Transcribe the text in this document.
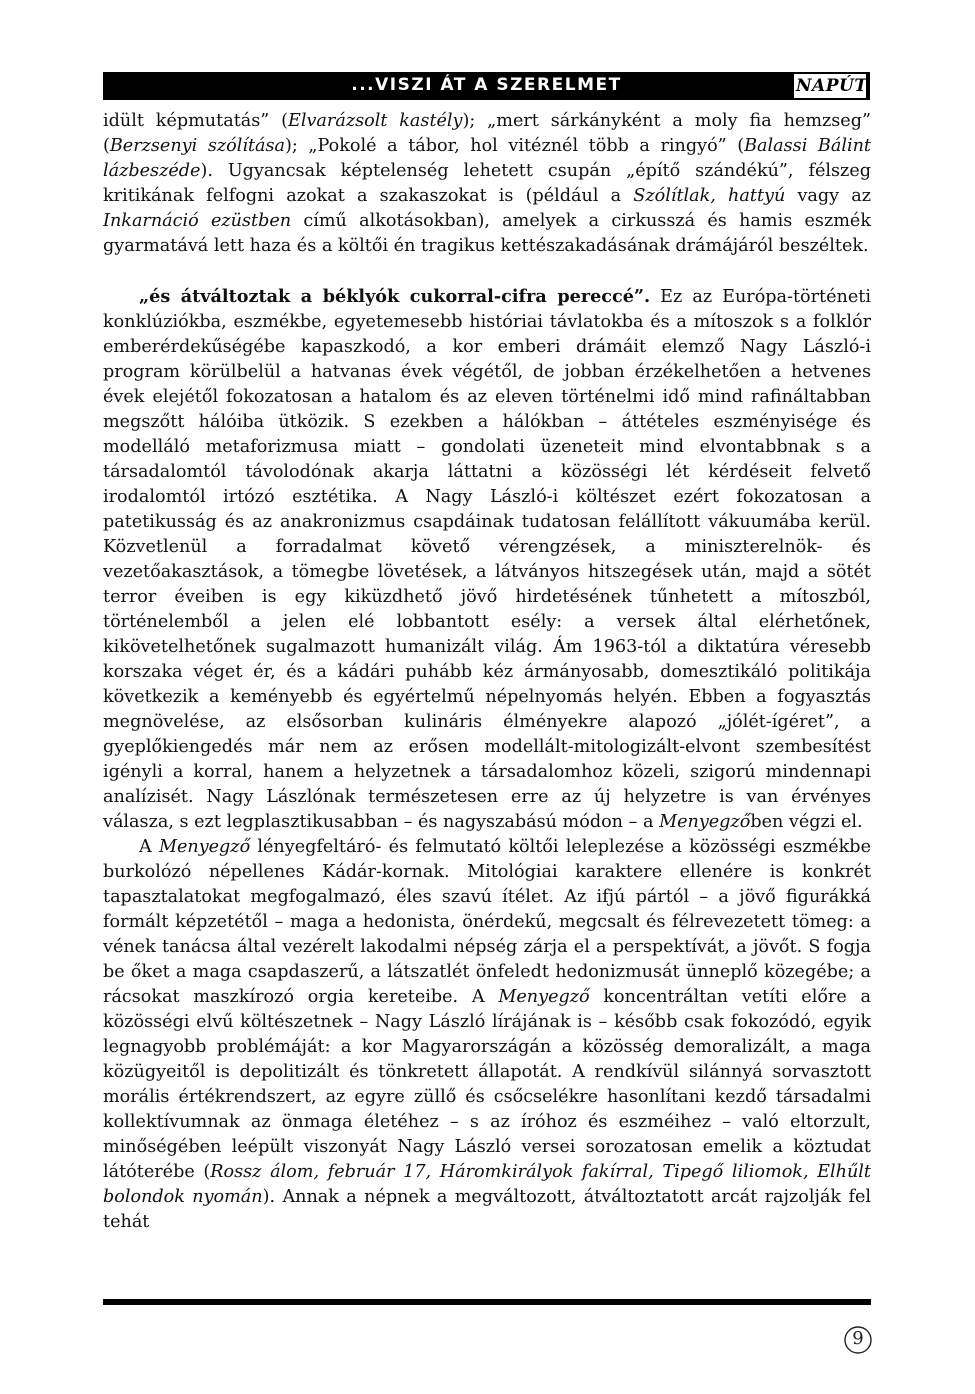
...VISZI ÁT A SZERELMET	NAPÚT

idült képmutatás” (Elvarázsolt kastély); „mert sárkányként a moly fia hemzseg” (Berzsenyi szólítása); „Pokolé a tábor, hol vitéznél több a ringyó” (Balassi Bálint lázbeszéde). Ugyancsak képtelenség lehetett csupán „építő szándékú”, félszeg kritikának felfogni azokat a szakaszokat is (például a Szólítlak, hattyú vagy az Inkarnáció ezüstben című alkotásokban), amelyek a cirkusszá és hamis eszmék gyarmatává lett haza és a költői én tragikus kettészakadásának drámájáról beszéltek.

„és átváltoztak a béklyók cukorral-cifra pereccé”. Ez az Európa-történeti konklúziókba, eszmékbe, egyetemesebb históriai távlatokba és a mítoszok s a folklór emberérdekűségébe kapaszkodó, a kor emberi drámáit elemző Nagy László-i program körülbelül a hatvanas évek végétől, de jobban érzékelhetően a hetvenes évek elejétől fokozatosan a hatalom és az eleven történelmi idő mind rafináltabban megszőtt hálóiba ütközik. S ezekben a hálókban – áttételes eszményisége és modelláló metaforizmusa miatt – gondolati üzeneteit mind elvontabbnak s a társadalomtól távolodónak akarja láttatni a közösségi lét kérdéseit felvető irodalomtól irtózó esztétika. A Nagy László-i költészet ezért fokozatosan a patetikusság és az anakronizmus csapdáinak tudatosan felállított vákuumába kerül. Közvetlenül a forradalmat követő vérengzések, a miniszterelnök- és vezetőakasztások, a tömegbe lövetések, a látványos hitszegések után, majd a sötét terror éveiben is egy kiküzdhető jövő hirdetésének tűnhetett a mítoszból, történelemből a jelen elé lobbantott esély: a versek által elérhetőnek, kikövetelhetőnek sugalmazott humanizált világ. Ám 1963-tól a diktatúra véresebb korszaka véget ér, és a kádári puhább kéz ármányosabb, domesztikáló politikája következik a keményebb és egyértelmű népelnyomás helyén. Ebben a fogyasztás megnövelése, az elsősorban kulináris élményekre alapozó „jólét-ígéret”, a gyeplőkiengedés már nem az erősen modellált-mitologizált-elvont szembesítést igényli a korral, hanem a helyzetnek a társadalomhoz közeli, szigorú mindennapi analízisét. Nagy Lászlónak természetesen erre az új helyzetre is van érvényes válasza, s ezt legplasztikusabban – és nagyszabású módon – a Menyegzőben végzi el.

A Menyegző lényegfeltáró- és felmutató költői leleplezése a közösségi eszmékbe burkolózó népellenes Kádár-kornak. Mitológiai karaktere ellenére is konkrét tapasztalatokat megfogalmazó, éles szavú ítélet. Az ifjú pártól – a jövő figurákká formált képzetétől – maga a hedonista, önérdekű, megcsalt és félrevezetett tömeg: a vének tanácsa által vezérelt lakodalmi népség zárja el a perspektívát, a jövőt. S fogja be őket a maga csapdaszerű, a látszatlét önfeledt hedonizmusát ünneplő közegébe; a rácsokat maszkírozó orgia kereteibe. A Menyegző koncentráltan vetíti előre a közösségi elvű költészetnek – Nagy László lírájának is – később csak fokozódó, egyik legnagyobb problémáját: a kor Magyarországán a közösség demoralizált, a maga közügyeitől is depolitizált és tönkretett állapotát. A rendkívül silánnyá sorvasztott morális értékrendszert, az egyre züllő és csőcselékre hasonlítani kezdő társadalmi kollektívumnak az önmaga életéhez – s az íróhoz és eszméihez – való eltorzult, minőségében leépült viszonyát Nagy László versei sorozatosan emelik a köztudat látóterébe (Rossz álom, február 17, Háromkirályok fakírral, Tipegő liliomok, Elhűlt bolondok nyomán). Annak a népnek a megváltozott, átváltoztatott arcát rajzolják fel tehát

9
